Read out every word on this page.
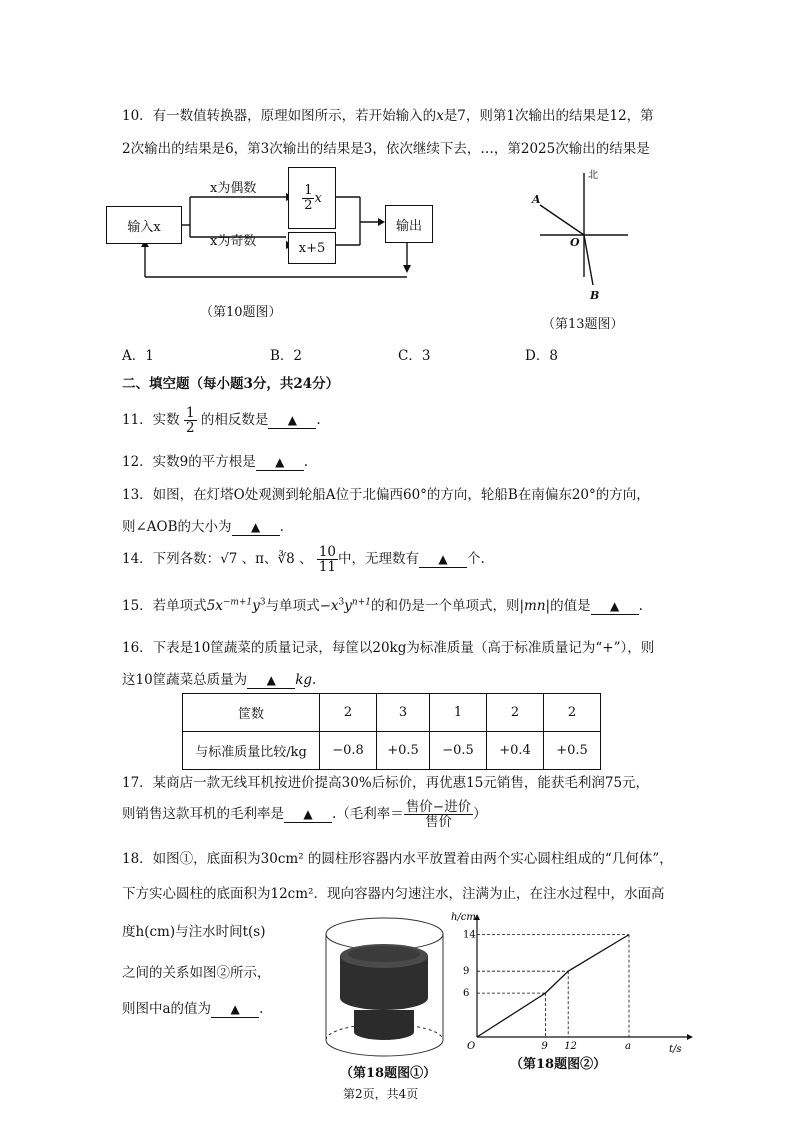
10．有一数值转换器，原理如图所示，若开始输入的x是7，则第1次输出的结果是12，第
2次输出的结果是6，第3次输出的结果是3，依次继续下去，…，第2025次输出的结果是
输入x
x为偶数
x为奇数
$\frac{1}{2}$ x
x+5
输出
（第10题图）
北
A
O
B
（第13题图）
A．1	B．2	C．3	D．8
二、填空题（每小题3分，共24分）
11．实数 $\frac{1}{2}$ 的相反数是 ▲ .
12．实数9的平方根是 ▲ .
13．如图，在灯塔O处观测到轮船A位于北偏西60°的方向，轮船B在南偏东20°的方向，
则∠AOB的大小为 ▲ .
14．下列各数：√7 、π、∛8 、 $\frac{10}{11}$ 中，无理数有 ▲ 个.
15．若单项式$5x^{-m+1}y^3$与单项式$-x^3y^{n+1}$的和仍是一个单项式，则|mn|的值是 ▲ .
16．下表是10筐蔬菜的质量记录，每筐以20kg为标准质量（高于标准质量记为“+”），则
这10筐蔬菜总质量为 ▲ kg.
筐数	2	3	1	2	2
与标准质量比较/kg	−0.8	+0.5	−0.5	+0.4	+0.5
17．某商店一款无线耳机按进价提高30%后标价，再优惠15元销售，能获毛利润75元，
则销售这款耳机的毛利率是 ▲ .（毛利率＝ $\frac{\text{售价−进价}}{\text{售价}}$ ）
18．如图①，底面积为30cm² 的圆柱形容器内水平放置着由两个实心圆柱组成的“几何体”，
下方实心圆柱的底面积为12cm²．现向容器内匀速注水，注满为止，在注水过程中，水面高
度h(cm)与注水时间t(s)
之间的关系如图②所示，
则图中a的值为 ▲ .
O	9 12	a
6
9
14
h/cm
t/s
（第18题图①）
（第18题图②）
第2页，共4页
